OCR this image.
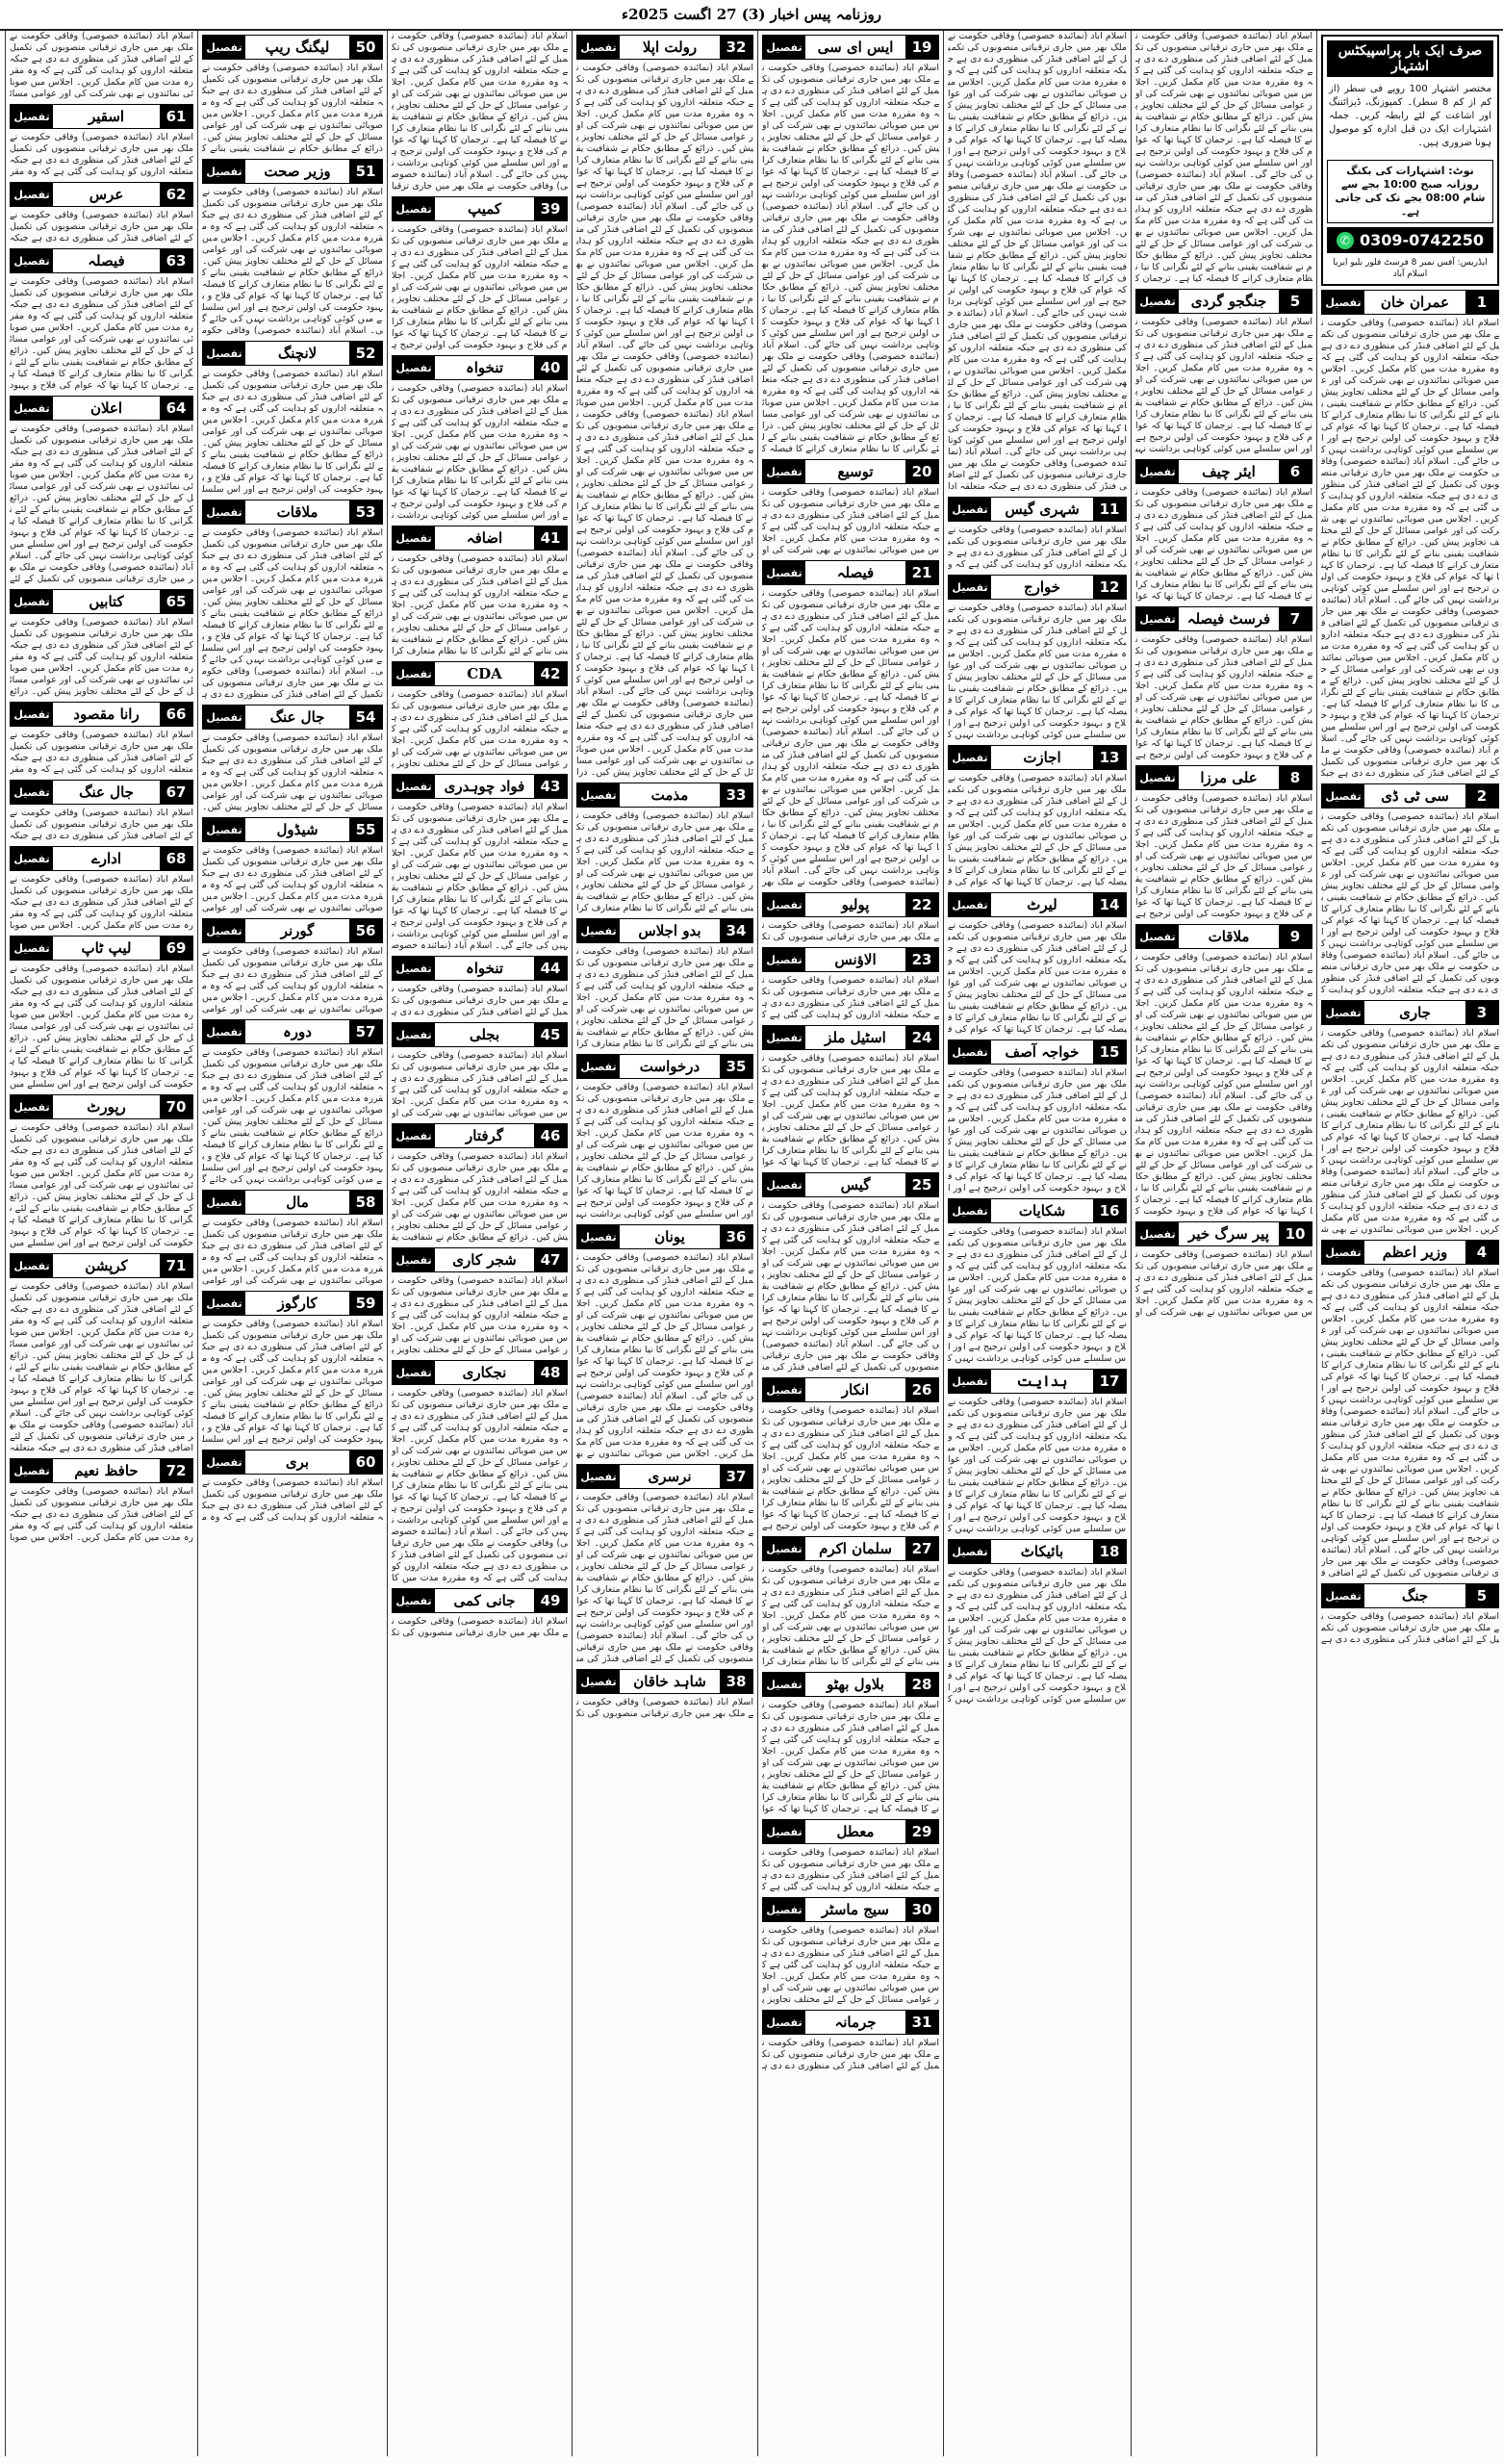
روزنامہ پیس اخبار (3) 27 اگست 2025ء
صرف ایک بار پراسپیکٹس اشتہار
مختصر اشتہار 100 روپے فی سطر (از کم از کم 8 سطر)۔ کمپوزنگ، ڈیزائننگ اور اشاعت کے لئے رابطہ کریں۔ جملہ اشتہارات ایک دن قبل ادارہ کو موصول ہونا ضروری ہیں۔
نوٹ: اشتہارات کی بکنگ روزانہ صبح 10:00 بجے سے شام 08:00 بجے تک کی جاتی ہے۔
✆ 0309-0742250
ایڈریس: آفس نمبر 8 فرسٹ فلور بلیو ایریا اسلام آباد
1
عمران خان
تفصیل
اسلام آباد (نمائندہ خصوصی) وفاقی حکومت نے ملک بھر میں جاری ترقیاتی منصوبوں کی تکمیل کے لئے اضافی فنڈز کی منظوری دے دی ہے جبکہ متعلقہ اداروں کو ہدایت کی گئی ہے کہ وہ مقررہ مدت میں کام مکمل کریں۔ اجلاس میں صوبائی نمائندوں نے بھی شرکت کی اور عوامی مسائل کے حل کے لئے مختلف تجاویز پیش کیں۔ ذرائع کے مطابق حکام نے شفافیت یقینی بنانے کے لئے نگرانی کا نیا نظام متعارف کرانے کا فیصلہ کیا ہے۔ ترجمان کا کہنا تھا کہ عوام کی فلاح و بہبود حکومت کی اولین ترجیح ہے اور اس سلسلے میں کوئی کوتاہی برداشت نہیں کی جائے گی۔ اسلام آباد (نمائندہ خصوصی) وفاقی حکومت نے ملک بھر میں جاری ترقیاتی منصوبوں کی تکمیل کے لئے اضافی فنڈز کی منظوری دے دی ہے جبکہ متعلقہ اداروں کو ہدایت کی گئی ہے کہ وہ مقررہ مدت میں کام مکمل کریں۔ اجلاس میں صوبائی نمائندوں نے بھی شرکت کی اور عوامی مسائل کے حل کے لئے مختلف تجاویز پیش کیں۔ ذرائع کے مطابق حکام نے شفافیت یقینی بنانے کے لئے نگرانی کا نیا نظام متعارف کرانے کا فیصلہ کیا ہے۔ ترجمان کا کہنا تھا کہ عوام کی فلاح و بہبود حکومت کی اولین ترجیح ہے اور اس سلسلے میں کوئی کوتاہی برداشت نہیں کی جائے گی۔ اسلام آباد (نمائندہ خصوصی) وفاقی حکومت نے ملک بھر میں جاری ترقیاتی منصوبوں کی تکمیل کے لئے اضافی فنڈز کی منظوری دے دی ہے جبکہ متعلقہ اداروں کو ہدایت کی گئی ہے کہ وہ مقررہ مدت میں کام مکمل کریں۔ اجلاس میں صوبائی نمائندوں نے بھی شرکت کی اور عوامی مسائل کے حل کے لئے مختلف تجاویز پیش کیں۔ ذرائع کے مطابق حکام نے شفافیت یقینی بنانے کے لئے نگرانی کا نیا نظام متعارف کرانے کا فیصلہ کیا ہے۔ ترجمان کا کہنا تھا کہ عوام کی فلاح و بہبود حکومت کی اولین ترجیح ہے اور اس سلسلے میں کوئی کوتاہی برداشت نہیں کی جائے گی۔ اسلام آباد (نمائندہ خصوصی) وفاقی حکومت نے ملک بھر میں جاری ترقیاتی منصوبوں کی تکمیل کے لئے اضافی فنڈز کی منظوری دے دی ہے جبک
2
سی ٹی ڈی
تفصیل
اسلام آباد (نمائندہ خصوصی) وفاقی حکومت نے ملک بھر میں جاری ترقیاتی منصوبوں کی تکمیل کے لئے اضافی فنڈز کی منظوری دے دی ہے جبکہ متعلقہ اداروں کو ہدایت کی گئی ہے کہ وہ مقررہ مدت میں کام مکمل کریں۔ اجلاس میں صوبائی نمائندوں نے بھی شرکت کی اور عوامی مسائل کے حل کے لئے مختلف تجاویز پیش کیں۔ ذرائع کے مطابق حکام نے شفافیت یقینی بنانے کے لئے نگرانی کا نیا نظام متعارف کرانے کا فیصلہ کیا ہے۔ ترجمان کا کہنا تھا کہ عوام کی فلاح و بہبود حکومت کی اولین ترجیح ہے اور اس سلسلے میں کوئی کوتاہی برداشت نہیں کی جائے گی۔ اسلام آباد (نمائندہ خصوصی) وفاقی حکومت نے ملک بھر میں جاری ترقیاتی منصوبوں کی تکمیل کے لئے اضافی فنڈز کی منظوری دے دی ہے جبکہ متعلقہ اداروں کو ہدایت ک
3
جاری
تفصیل
اسلام آباد (نمائندہ خصوصی) وفاقی حکومت نے ملک بھر میں جاری ترقیاتی منصوبوں کی تکمیل کے لئے اضافی فنڈز کی منظوری دے دی ہے جبکہ متعلقہ اداروں کو ہدایت کی گئی ہے کہ وہ مقررہ مدت میں کام مکمل کریں۔ اجلاس میں صوبائی نمائندوں نے بھی شرکت کی اور عوامی مسائل کے حل کے لئے مختلف تجاویز پیش کیں۔ ذرائع کے مطابق حکام نے شفافیت یقینی بنانے کے لئے نگرانی کا نیا نظام متعارف کرانے کا فیصلہ کیا ہے۔ ترجمان کا کہنا تھا کہ عوام کی فلاح و بہبود حکومت کی اولین ترجیح ہے اور اس سلسلے میں کوئی کوتاہی برداشت نہیں کی جائے گی۔ اسلام آباد (نمائندہ خصوصی) وفاقی حکومت نے ملک بھر میں جاری ترقیاتی منصوبوں کی تکمیل کے لئے اضافی فنڈز کی منظوری دے دی ہے جبکہ متعلقہ اداروں کو ہدایت کی گئی ہے کہ وہ مقررہ مدت میں کام مکمل کریں۔ اجلاس میں صوبائی نمائندوں نے بھی ش
4
وزیر اعظم
تفصیل
اسلام آباد (نمائندہ خصوصی) وفاقی حکومت نے ملک بھر میں جاری ترقیاتی منصوبوں کی تکمیل کے لئے اضافی فنڈز کی منظوری دے دی ہے جبکہ متعلقہ اداروں کو ہدایت کی گئی ہے کہ وہ مقررہ مدت میں کام مکمل کریں۔ اجلاس میں صوبائی نمائندوں نے بھی شرکت کی اور عوامی مسائل کے حل کے لئے مختلف تجاویز پیش کیں۔ ذرائع کے مطابق حکام نے شفافیت یقینی بنانے کے لئے نگرانی کا نیا نظام متعارف کرانے کا فیصلہ کیا ہے۔ ترجمان کا کہنا تھا کہ عوام کی فلاح و بہبود حکومت کی اولین ترجیح ہے اور اس سلسلے میں کوئی کوتاہی برداشت نہیں کی جائے گی۔ اسلام آباد (نمائندہ خصوصی) وفاقی حکومت نے ملک بھر میں جاری ترقیاتی منصوبوں کی تکمیل کے لئے اضافی فنڈز کی منظوری دے دی ہے جبکہ متعلقہ اداروں کو ہدایت کی گئی ہے کہ وہ مقررہ مدت میں کام مکمل کریں۔ اجلاس میں صوبائی نمائندوں نے بھی شرکت کی اور عوامی مسائل کے حل کے لئے مختلف تجاویز پیش کیں۔ ذرائع کے مطابق حکام نے شفافیت یقینی بنانے کے لئے نگرانی کا نیا نظام متعارف کرانے کا فیصلہ کیا ہے۔ ترجمان کا کہنا تھا کہ عوام کی فلاح و بہبود حکومت کی اولین ترجیح ہے اور اس سلسلے میں کوئی کوتاہی برداشت نہیں کی جائے گی۔ اسلام آباد (نمائندہ خصوصی) وفاقی حکومت نے ملک بھر میں جاری ترقیاتی منصوبوں کی تکمیل کے لئے اضافی ف
5
جنگ
تفصیل
اسلام آباد (نمائندہ خصوصی) وفاقی حکومت نے ملک بھر میں جاری ترقیاتی منصوبوں کی تکمیل کے لئے اضافی فنڈز کی منظوری دے دی ہے
اسلام آباد (نمائندہ خصوصی) وفاقی حکومت نے ملک بھر میں جاری ترقیاتی منصوبوں کی تکمیل کے لئے اضافی فنڈز کی منظوری دے دی ہے جبکہ متعلقہ اداروں کو ہدایت کی گئی ہے کہ وہ مقررہ مدت میں کام مکمل کریں۔ اجلاس میں صوبائی نمائندوں نے بھی شرکت کی اور عوامی مسائل کے حل کے لئے مختلف تجاویز پیش کیں۔ ذرائع کے مطابق حکام نے شفافیت یقینی بنانے کے لئے نگرانی کا نیا نظام متعارف کرانے کا فیصلہ کیا ہے۔ ترجمان کا کہنا تھا کہ عوام کی فلاح و بہبود حکومت کی اولین ترجیح ہے اور اس سلسلے میں کوئی کوتاہی برداشت نہیں کی جائے گی۔ اسلام آباد (نمائندہ خصوصی) وفاقی حکومت نے ملک بھر میں جاری ترقیاتی منصوبوں کی تکمیل کے لئے اضافی فنڈز کی منظوری دے دی ہے جبکہ متعلقہ اداروں کو ہدایت کی گئی ہے کہ وہ مقررہ مدت میں کام مکمل کریں۔ اجلاس میں صوبائی نمائندوں نے بھی شرکت کی اور عوامی مسائل کے حل کے لئے مختلف تجاویز پیش کیں۔ ذرائع کے مطابق حکام نے شفافیت یقینی بنانے کے لئے نگرانی کا نیا نظام متعارف کرانے کا فیصلہ کیا ہے۔ ترجمان ک
5
جنگجو گردی
تفصیل
اسلام آباد (نمائندہ خصوصی) وفاقی حکومت نے ملک بھر میں جاری ترقیاتی منصوبوں کی تکمیل کے لئے اضافی فنڈز کی منظوری دے دی ہے جبکہ متعلقہ اداروں کو ہدایت کی گئی ہے کہ وہ مقررہ مدت میں کام مکمل کریں۔ اجلاس میں صوبائی نمائندوں نے بھی شرکت کی اور عوامی مسائل کے حل کے لئے مختلف تجاویز پیش کیں۔ ذرائع کے مطابق حکام نے شفافیت یقینی بنانے کے لئے نگرانی کا نیا نظام متعارف کرانے کا فیصلہ کیا ہے۔ ترجمان کا کہنا تھا کہ عوام کی فلاح و بہبود حکومت کی اولین ترجیح ہے اور اس سلسلے میں کوئی کوتاہی برداشت نہی
6
ایئر چیف
تفصیل
اسلام آباد (نمائندہ خصوصی) وفاقی حکومت نے ملک بھر میں جاری ترقیاتی منصوبوں کی تکمیل کے لئے اضافی فنڈز کی منظوری دے دی ہے جبکہ متعلقہ اداروں کو ہدایت کی گئی ہے کہ وہ مقررہ مدت میں کام مکمل کریں۔ اجلاس میں صوبائی نمائندوں نے بھی شرکت کی اور عوامی مسائل کے حل کے لئے مختلف تجاویز پیش کیں۔ ذرائع کے مطابق حکام نے شفافیت یقینی بنانے کے لئے نگرانی کا نیا نظام متعارف کرانے کا فیصلہ کیا ہے۔ ترجمان کا کہنا تھا کہ عوا
7
فرسٹ فیصلہ
تفصیل
اسلام آباد (نمائندہ خصوصی) وفاقی حکومت نے ملک بھر میں جاری ترقیاتی منصوبوں کی تکمیل کے لئے اضافی فنڈز کی منظوری دے دی ہے جبکہ متعلقہ اداروں کو ہدایت کی گئی ہے کہ وہ مقررہ مدت میں کام مکمل کریں۔ اجلاس میں صوبائی نمائندوں نے بھی شرکت کی اور عوامی مسائل کے حل کے لئے مختلف تجاویز پیش کیں۔ ذرائع کے مطابق حکام نے شفافیت یقینی بنانے کے لئے نگرانی کا نیا نظام متعارف کرانے کا فیصلہ کیا ہے۔ ترجمان کا کہنا تھا کہ عوام کی فلاح و بہبود حکومت کی اولین ترجیح ہے
8
علی مرزا
تفصیل
اسلام آباد (نمائندہ خصوصی) وفاقی حکومت نے ملک بھر میں جاری ترقیاتی منصوبوں کی تکمیل کے لئے اضافی فنڈز کی منظوری دے دی ہے جبکہ متعلقہ اداروں کو ہدایت کی گئی ہے کہ وہ مقررہ مدت میں کام مکمل کریں۔ اجلاس میں صوبائی نمائندوں نے بھی شرکت کی اور عوامی مسائل کے حل کے لئے مختلف تجاویز پیش کیں۔ ذرائع کے مطابق حکام نے شفافیت یقینی بنانے کے لئے نگرانی کا نیا نظام متعارف کرانے کا فیصلہ کیا ہے۔ ترجمان کا کہنا تھا کہ عوام کی فلاح و بہبود حکومت کی اولین ترجیح ہے
9
ملاقات
تفصیل
اسلام آباد (نمائندہ خصوصی) وفاقی حکومت نے ملک بھر میں جاری ترقیاتی منصوبوں کی تکمیل کے لئے اضافی فنڈز کی منظوری دے دی ہے جبکہ متعلقہ اداروں کو ہدایت کی گئی ہے کہ وہ مقررہ مدت میں کام مکمل کریں۔ اجلاس میں صوبائی نمائندوں نے بھی شرکت کی اور عوامی مسائل کے حل کے لئے مختلف تجاویز پیش کیں۔ ذرائع کے مطابق حکام نے شفافیت یقینی بنانے کے لئے نگرانی کا نیا نظام متعارف کرانے کا فیصلہ کیا ہے۔ ترجمان کا کہنا تھا کہ عوام کی فلاح و بہبود حکومت کی اولین ترجیح ہے اور اس سلسلے میں کوئی کوتاہی برداشت نہیں کی جائے گی۔ اسلام آباد (نمائندہ خصوصی) وفاقی حکومت نے ملک بھر میں جاری ترقیاتی منصوبوں کی تکمیل کے لئے اضافی فنڈز کی منظوری دے دی ہے جبکہ متعلقہ اداروں کو ہدایت کی گئی ہے کہ وہ مقررہ مدت میں کام مکمل کریں۔ اجلاس میں صوبائی نمائندوں نے بھی شرکت کی اور عوامی مسائل کے حل کے لئے مختلف تجاویز پیش کیں۔ ذرائع کے مطابق حکام نے شفافیت یقینی بنانے کے لئے نگرانی کا نیا نظام متعارف کرانے کا فیصلہ کیا ہے۔ ترجمان کا کہنا تھا کہ عوام کی فلاح و بہبود حکومت ک
10
پیر سرگ خیر
تفصیل
اسلام آباد (نمائندہ خصوصی) وفاقی حکومت نے ملک بھر میں جاری ترقیاتی منصوبوں کی تکمیل کے لئے اضافی فنڈز کی منظوری دے دی ہے جبکہ متعلقہ اداروں کو ہدایت کی گئی ہے کہ وہ مقررہ مدت میں کام مکمل کریں۔ اجلاس میں صوبائی نمائندوں نے بھی شرکت کی او
اسلام آباد (نمائندہ خصوصی) وفاقی حکومت نے ملک بھر میں جاری ترقیاتی منصوبوں کی تکمیل کے لئے اضافی فنڈز کی منظوری دے دی ہے جبکہ متعلقہ اداروں کو ہدایت کی گئی ہے کہ وہ مقررہ مدت میں کام مکمل کریں۔ اجلاس میں صوبائی نمائندوں نے بھی شرکت کی اور عوامی مسائل کے حل کے لئے مختلف تجاویز پیش کیں۔ ذرائع کے مطابق حکام نے شفافیت یقینی بنانے کے لئے نگرانی کا نیا نظام متعارف کرانے کا فیصلہ کیا ہے۔ ترجمان کا کہنا تھا کہ عوام کی فلاح و بہبود حکومت کی اولین ترجیح ہے اور اس سلسلے میں کوئی کوتاہی برداشت نہیں کی جائے گی۔ اسلام آباد (نمائندہ خصوصی) وفاقی حکومت نے ملک بھر میں جاری ترقیاتی منصوبوں کی تکمیل کے لئے اضافی فنڈز کی منظوری دے دی ہے جبکہ متعلقہ اداروں کو ہدایت کی گئی ہے کہ وہ مقررہ مدت میں کام مکمل کریں۔ اجلاس میں صوبائی نمائندوں نے بھی شرکت کی اور عوامی مسائل کے حل کے لئے مختلف تجاویز پیش کیں۔ ذرائع کے مطابق حکام نے شفافیت یقینی بنانے کے لئے نگرانی کا نیا نظام متعارف کرانے کا فیصلہ کیا ہے۔ ترجمان کا کہنا تھا کہ عوام کی فلاح و بہبود حکومت کی اولین ترجیح ہے اور اس سلسلے میں کوئی کوتاہی برداشت نہیں کی جائے گی۔ اسلام آباد (نمائندہ خصوصی) وفاقی حکومت نے ملک بھر میں جاری ترقیاتی منصوبوں کی تکمیل کے لئے اضافی فنڈز کی منظوری دے دی ہے جبکہ متعلقہ اداروں کو ہدایت کی گئی ہے کہ وہ مقررہ مدت میں کام مکمل کریں۔ اجلاس میں صوبائی نمائندوں نے بھی شرکت کی اور عوامی مسائل کے حل کے لئے مختلف تجاویز پیش کیں۔ ذرائع کے مطابق حکام نے شفافیت یقینی بنانے کے لئے نگرانی کا نیا نظام متعارف کرانے کا فیصلہ کیا ہے۔ ترجمان کا کہنا تھا کہ عوام کی فلاح و بہبود حکومت کی اولین ترجیح ہے اور اس سلسلے میں کوئی کوتاہی برداشت نہیں کی جائے گی۔ اسلام آباد (نمائندہ خصوصی) وفاقی حکومت نے ملک بھر میں جاری ترقیاتی منصوبوں کی تکمیل کے لئے اضافی فنڈز کی منظوری دے دی ہے جبکہ متعلقہ ادا
11
شہری گیس
تفصیل
اسلام آباد (نمائندہ خصوصی) وفاقی حکومت نے ملک بھر میں جاری ترقیاتی منصوبوں کی تکمیل کے لئے اضافی فنڈز کی منظوری دے دی ہے جبکہ متعلقہ اداروں کو ہدایت کی گئی ہے کہ و
12
خوارج
تفصیل
اسلام آباد (نمائندہ خصوصی) وفاقی حکومت نے ملک بھر میں جاری ترقیاتی منصوبوں کی تکمیل کے لئے اضافی فنڈز کی منظوری دے دی ہے جبکہ متعلقہ اداروں کو ہدایت کی گئی ہے کہ وہ مقررہ مدت میں کام مکمل کریں۔ اجلاس میں صوبائی نمائندوں نے بھی شرکت کی اور عوامی مسائل کے حل کے لئے مختلف تجاویز پیش کیں۔ ذرائع کے مطابق حکام نے شفافیت یقینی بنانے کے لئے نگرانی کا نیا نظام متعارف کرانے کا فیصلہ کیا ہے۔ ترجمان کا کہنا تھا کہ عوام کی فلاح و بہبود حکومت کی اولین ترجیح ہے اور اس سلسلے میں کوئی کوتاہی برداشت نہیں ک
13
اجازت
تفصیل
اسلام آباد (نمائندہ خصوصی) وفاقی حکومت نے ملک بھر میں جاری ترقیاتی منصوبوں کی تکمیل کے لئے اضافی فنڈز کی منظوری دے دی ہے جبکہ متعلقہ اداروں کو ہدایت کی گئی ہے کہ وہ مقررہ مدت میں کام مکمل کریں۔ اجلاس میں صوبائی نمائندوں نے بھی شرکت کی اور عوامی مسائل کے حل کے لئے مختلف تجاویز پیش کیں۔ ذرائع کے مطابق حکام نے شفافیت یقینی بنانے کے لئے نگرانی کا نیا نظام متعارف کرانے کا فیصلہ کیا ہے۔ ترجمان کا کہنا تھا کہ عوام کی ف
14
لیرٹ
تفصیل
اسلام آباد (نمائندہ خصوصی) وفاقی حکومت نے ملک بھر میں جاری ترقیاتی منصوبوں کی تکمیل کے لئے اضافی فنڈز کی منظوری دے دی ہے جبکہ متعلقہ اداروں کو ہدایت کی گئی ہے کہ وہ مقررہ مدت میں کام مکمل کریں۔ اجلاس میں صوبائی نمائندوں نے بھی شرکت کی اور عوامی مسائل کے حل کے لئے مختلف تجاویز پیش کیں۔ ذرائع کے مطابق حکام نے شفافیت یقینی بنانے کے لئے نگرانی کا نیا نظام متعارف کرانے کا فیصلہ کیا ہے۔ ترجمان کا کہنا تھا کہ عوام کی ف
15
خواجہ آصف
تفصیل
اسلام آباد (نمائندہ خصوصی) وفاقی حکومت نے ملک بھر میں جاری ترقیاتی منصوبوں کی تکمیل کے لئے اضافی فنڈز کی منظوری دے دی ہے جبکہ متعلقہ اداروں کو ہدایت کی گئی ہے کہ وہ مقررہ مدت میں کام مکمل کریں۔ اجلاس میں صوبائی نمائندوں نے بھی شرکت کی اور عوامی مسائل کے حل کے لئے مختلف تجاویز پیش کیں۔ ذرائع کے مطابق حکام نے شفافیت یقینی بنانے کے لئے نگرانی کا نیا نظام متعارف کرانے کا فیصلہ کیا ہے۔ ترجمان کا کہنا تھا کہ عوام کی فلاح و بہبود حکومت کی اولین ترجیح ہے اور ا
16
شکایات
تفصیل
اسلام آباد (نمائندہ خصوصی) وفاقی حکومت نے ملک بھر میں جاری ترقیاتی منصوبوں کی تکمیل کے لئے اضافی فنڈز کی منظوری دے دی ہے جبکہ متعلقہ اداروں کو ہدایت کی گئی ہے کہ وہ مقررہ مدت میں کام مکمل کریں۔ اجلاس میں صوبائی نمائندوں نے بھی شرکت کی اور عوامی مسائل کے حل کے لئے مختلف تجاویز پیش کیں۔ ذرائع کے مطابق حکام نے شفافیت یقینی بنانے کے لئے نگرانی کا نیا نظام متعارف کرانے کا فیصلہ کیا ہے۔ ترجمان کا کہنا تھا کہ عوام کی فلاح و بہبود حکومت کی اولین ترجیح ہے اور اس سلسلے میں کوئی کوتاہی برداشت نہیں ک
17
ہدایت
تفصیل
اسلام آباد (نمائندہ خصوصی) وفاقی حکومت نے ملک بھر میں جاری ترقیاتی منصوبوں کی تکمیل کے لئے اضافی فنڈز کی منظوری دے دی ہے جبکہ متعلقہ اداروں کو ہدایت کی گئی ہے کہ وہ مقررہ مدت میں کام مکمل کریں۔ اجلاس میں صوبائی نمائندوں نے بھی شرکت کی اور عوامی مسائل کے حل کے لئے مختلف تجاویز پیش کیں۔ ذرائع کے مطابق حکام نے شفافیت یقینی بنانے کے لئے نگرانی کا نیا نظام متعارف کرانے کا فیصلہ کیا ہے۔ ترجمان کا کہنا تھا کہ عوام کی فلاح و بہبود حکومت کی اولین ترجیح ہے اور اس سلسلے میں کوئی کوتاہی برداشت نہیں ک
18
بائیکاٹ
تفصیل
اسلام آباد (نمائندہ خصوصی) وفاقی حکومت نے ملک بھر میں جاری ترقیاتی منصوبوں کی تکمیل کے لئے اضافی فنڈز کی منظوری دے دی ہے جبکہ متعلقہ اداروں کو ہدایت کی گئی ہے کہ وہ مقررہ مدت میں کام مکمل کریں۔ اجلاس میں صوبائی نمائندوں نے بھی شرکت کی اور عوامی مسائل کے حل کے لئے مختلف تجاویز پیش کیں۔ ذرائع کے مطابق حکام نے شفافیت یقینی بنانے کے لئے نگرانی کا نیا نظام متعارف کرانے کا فیصلہ کیا ہے۔ ترجمان کا کہنا تھا کہ عوام کی فلاح و بہبود حکومت کی اولین ترجیح ہے اور اس سلسلے میں کوئی کوتاہی برداشت نہیں ک
19
ایس ای سی
تفصیل
اسلام آباد (نمائندہ خصوصی) وفاقی حکومت نے ملک بھر میں جاری ترقیاتی منصوبوں کی تکمیل کے لئے اضافی فنڈز کی منظوری دے دی ہے جبکہ متعلقہ اداروں کو ہدایت کی گئی ہے کہ وہ مقررہ مدت میں کام مکمل کریں۔ اجلاس میں صوبائی نمائندوں نے بھی شرکت کی اور عوامی مسائل کے حل کے لئے مختلف تجاویز پیش کیں۔ ذرائع کے مطابق حکام نے شفافیت یقینی بنانے کے لئے نگرانی کا نیا نظام متعارف کرانے کا فیصلہ کیا ہے۔ ترجمان کا کہنا تھا کہ عوام کی فلاح و بہبود حکومت کی اولین ترجیح ہے اور اس سلسلے میں کوئی کوتاہی برداشت نہیں کی جائے گی۔ اسلام آباد (نمائندہ خصوصی) وفاقی حکومت نے ملک بھر میں جاری ترقیاتی منصوبوں کی تکمیل کے لئے اضافی فنڈز کی منظوری دے دی ہے جبکہ متعلقہ اداروں کو ہدایت کی گئی ہے کہ وہ مقررہ مدت میں کام مکمل کریں۔ اجلاس میں صوبائی نمائندوں نے بھی شرکت کی اور عوامی مسائل کے حل کے لئے مختلف تجاویز پیش کیں۔ ذرائع کے مطابق حکام نے شفافیت یقینی بنانے کے لئے نگرانی کا نیا نظام متعارف کرانے کا فیصلہ کیا ہے۔ ترجمان کا کہنا تھا کہ عوام کی فلاح و بہبود حکومت کی اولین ترجیح ہے اور اس سلسلے میں کوئی کوتاہی برداشت نہیں کی جائے گی۔ اسلام آباد (نمائندہ خصوصی) وفاقی حکومت نے ملک بھر میں جاری ترقیاتی منصوبوں کی تکمیل کے لئے اضافی فنڈز کی منظوری دے دی ہے جبکہ متعلقہ اداروں کو ہدایت کی گئی ہے کہ وہ مقررہ مدت میں کام مکمل کریں۔ اجلاس میں صوبائی نمائندوں نے بھی شرکت کی اور عوامی مسائل کے حل کے لئے مختلف تجاویز پیش کیں۔ ذرائع کے مطابق حکام نے شفافیت یقینی بنانے کے لئے نگرانی کا نیا نظام متعارف کرانے کا فیصلہ ک
20
توسیع
تفصیل
اسلام آباد (نمائندہ خصوصی) وفاقی حکومت نے ملک بھر میں جاری ترقیاتی منصوبوں کی تکمیل کے لئے اضافی فنڈز کی منظوری دے دی ہے جبکہ متعلقہ اداروں کو ہدایت کی گئی ہے کہ وہ مقررہ مدت میں کام مکمل کریں۔ اجلاس میں صوبائی نمائندوں نے بھی شرکت کی او
21
فیصلہ
تفصیل
اسلام آباد (نمائندہ خصوصی) وفاقی حکومت نے ملک بھر میں جاری ترقیاتی منصوبوں کی تکمیل کے لئے اضافی فنڈز کی منظوری دے دی ہے جبکہ متعلقہ اداروں کو ہدایت کی گئی ہے کہ وہ مقررہ مدت میں کام مکمل کریں۔ اجلاس میں صوبائی نمائندوں نے بھی شرکت کی اور عوامی مسائل کے حل کے لئے مختلف تجاویز پیش کیں۔ ذرائع کے مطابق حکام نے شفافیت یقینی بنانے کے لئے نگرانی کا نیا نظام متعارف کرانے کا فیصلہ کیا ہے۔ ترجمان کا کہنا تھا کہ عوام کی فلاح و بہبود حکومت کی اولین ترجیح ہے اور اس سلسلے میں کوئی کوتاہی برداشت نہیں کی جائے گی۔ اسلام آباد (نمائندہ خصوصی) وفاقی حکومت نے ملک بھر میں جاری ترقیاتی منصوبوں کی تکمیل کے لئے اضافی فنڈز کی منظوری دے دی ہے جبکہ متعلقہ اداروں کو ہدایت کی گئی ہے کہ وہ مقررہ مدت میں کام مکمل کریں۔ اجلاس میں صوبائی نمائندوں نے بھی شرکت کی اور عوامی مسائل کے حل کے لئے مختلف تجاویز پیش کیں۔ ذرائع کے مطابق حکام نے شفافیت یقینی بنانے کے لئے نگرانی کا نیا نظام متعارف کرانے کا فیصلہ کیا ہے۔ ترجمان کا کہنا تھا کہ عوام کی فلاح و بہبود حکومت کی اولین ترجیح ہے اور اس سلسلے میں کوئی کوتاہی برداشت نہیں کی جائے گی۔ اسلام آباد (نمائندہ خصوصی) وفاقی حکومت نے ملک بھر
22
پولیو
تفصیل
اسلام آباد (نمائندہ خصوصی) وفاقی حکومت نے ملک بھر میں جاری ترقیاتی منصوبوں کی تک
23
الاؤنس
تفصیل
اسلام آباد (نمائندہ خصوصی) وفاقی حکومت نے ملک بھر میں جاری ترقیاتی منصوبوں کی تکمیل کے لئے اضافی فنڈز کی منظوری دے دی ہے جبکہ متعلقہ اداروں کو ہدایت کی گئی ہے ک
24
اسٹیل ملز
تفصیل
اسلام آباد (نمائندہ خصوصی) وفاقی حکومت نے ملک بھر میں جاری ترقیاتی منصوبوں کی تکمیل کے لئے اضافی فنڈز کی منظوری دے دی ہے جبکہ متعلقہ اداروں کو ہدایت کی گئی ہے کہ وہ مقررہ مدت میں کام مکمل کریں۔ اجلاس میں صوبائی نمائندوں نے بھی شرکت کی اور عوامی مسائل کے حل کے لئے مختلف تجاویز پیش کیں۔ ذرائع کے مطابق حکام نے شفافیت یقینی بنانے کے لئے نگرانی کا نیا نظام متعارف کرانے کا فیصلہ کیا ہے۔ ترجمان کا کہنا تھا کہ عوا
25
گیس
تفصیل
اسلام آباد (نمائندہ خصوصی) وفاقی حکومت نے ملک بھر میں جاری ترقیاتی منصوبوں کی تکمیل کے لئے اضافی فنڈز کی منظوری دے دی ہے جبکہ متعلقہ اداروں کو ہدایت کی گئی ہے کہ وہ مقررہ مدت میں کام مکمل کریں۔ اجلاس میں صوبائی نمائندوں نے بھی شرکت کی اور عوامی مسائل کے حل کے لئے مختلف تجاویز پیش کیں۔ ذرائع کے مطابق حکام نے شفافیت یقینی بنانے کے لئے نگرانی کا نیا نظام متعارف کرانے کا فیصلہ کیا ہے۔ ترجمان کا کہنا تھا کہ عوام کی فلاح و بہبود حکومت کی اولین ترجیح ہے اور اس سلسلے میں کوئی کوتاہی برداشت نہیں کی جائے گی۔ اسلام آباد (نمائندہ خصوصی) وفاقی حکومت نے ملک بھر میں جاری ترقیاتی منصوبوں کی تکمیل کے لئے اضافی فنڈز کی من
26
انکار
تفصیل
اسلام آباد (نمائندہ خصوصی) وفاقی حکومت نے ملک بھر میں جاری ترقیاتی منصوبوں کی تکمیل کے لئے اضافی فنڈز کی منظوری دے دی ہے جبکہ متعلقہ اداروں کو ہدایت کی گئی ہے کہ وہ مقررہ مدت میں کام مکمل کریں۔ اجلاس میں صوبائی نمائندوں نے بھی شرکت کی اور عوامی مسائل کے حل کے لئے مختلف تجاویز پیش کیں۔ ذرائع کے مطابق حکام نے شفافیت یقینی بنانے کے لئے نگرانی کا نیا نظام متعارف کرانے کا فیصلہ کیا ہے۔ ترجمان کا کہنا تھا کہ عوام کی فلاح و بہبود حکومت کی اولین ترجیح ہے
27
سلمان اکرم
تفصیل
اسلام آباد (نمائندہ خصوصی) وفاقی حکومت نے ملک بھر میں جاری ترقیاتی منصوبوں کی تکمیل کے لئے اضافی فنڈز کی منظوری دے دی ہے جبکہ متعلقہ اداروں کو ہدایت کی گئی ہے کہ وہ مقررہ مدت میں کام مکمل کریں۔ اجلاس میں صوبائی نمائندوں نے بھی شرکت کی اور عوامی مسائل کے حل کے لئے مختلف تجاویز پیش کیں۔ ذرائع کے مطابق حکام نے شفافیت یقینی بنانے کے لئے نگرانی کا نیا نظام متعارف کرا
28
بلاول بھٹو
تفصیل
اسلام آباد (نمائندہ خصوصی) وفاقی حکومت نے ملک بھر میں جاری ترقیاتی منصوبوں کی تکمیل کے لئے اضافی فنڈز کی منظوری دے دی ہے جبکہ متعلقہ اداروں کو ہدایت کی گئی ہے کہ وہ مقررہ مدت میں کام مکمل کریں۔ اجلاس میں صوبائی نمائندوں نے بھی شرکت کی اور عوامی مسائل کے حل کے لئے مختلف تجاویز پیش کیں۔ ذرائع کے مطابق حکام نے شفافیت یقینی بنانے کے لئے نگرانی کا نیا نظام متعارف کرانے کا فیصلہ کیا ہے۔ ترجمان کا کہنا تھا کہ عوا
29
معطل
تفصیل
اسلام آباد (نمائندہ خصوصی) وفاقی حکومت نے ملک بھر میں جاری ترقیاتی منصوبوں کی تکمیل کے لئے اضافی فنڈز کی منظوری دے دی ہے جبکہ متعلقہ اداروں کو ہدایت کی گئی ہے ک
30
سیج ماسٹر
تفصیل
اسلام آباد (نمائندہ خصوصی) وفاقی حکومت نے ملک بھر میں جاری ترقیاتی منصوبوں کی تکمیل کے لئے اضافی فنڈز کی منظوری دے دی ہے جبکہ متعلقہ اداروں کو ہدایت کی گئی ہے کہ وہ مقررہ مدت میں کام مکمل کریں۔ اجلاس میں صوبائی نمائندوں نے بھی شرکت کی اور عوامی مسائل کے حل کے لئے مختلف تجاویز پ
31
جرمانہ
تفصیل
اسلام آباد (نمائندہ خصوصی) وفاقی حکومت نے ملک بھر میں جاری ترقیاتی منصوبوں کی تکمیل کے لئے اضافی فنڈز کی منظوری دے دی ہ
32
رولت اپلا
تفصیل
اسلام آباد (نمائندہ خصوصی) وفاقی حکومت نے ملک بھر میں جاری ترقیاتی منصوبوں کی تکمیل کے لئے اضافی فنڈز کی منظوری دے دی ہے جبکہ متعلقہ اداروں کو ہدایت کی گئی ہے کہ وہ مقررہ مدت میں کام مکمل کریں۔ اجلاس میں صوبائی نمائندوں نے بھی شرکت کی اور عوامی مسائل کے حل کے لئے مختلف تجاویز پیش کیں۔ ذرائع کے مطابق حکام نے شفافیت یقینی بنانے کے لئے نگرانی کا نیا نظام متعارف کرانے کا فیصلہ کیا ہے۔ ترجمان کا کہنا تھا کہ عوام کی فلاح و بہبود حکومت کی اولین ترجیح ہے اور اس سلسلے میں کوئی کوتاہی برداشت نہیں کی جائے گی۔ اسلام آباد (نمائندہ خصوصی) وفاقی حکومت نے ملک بھر میں جاری ترقیاتی منصوبوں کی تکمیل کے لئے اضافی فنڈز کی منظوری دے دی ہے جبکہ متعلقہ اداروں کو ہدایت کی گئی ہے کہ وہ مقررہ مدت میں کام مکمل کریں۔ اجلاس میں صوبائی نمائندوں نے بھی شرکت کی اور عوامی مسائل کے حل کے لئے مختلف تجاویز پیش کیں۔ ذرائع کے مطابق حکام نے شفافیت یقینی بنانے کے لئے نگرانی کا نیا نظام متعارف کرانے کا فیصلہ کیا ہے۔ ترجمان کا کہنا تھا کہ عوام کی فلاح و بہبود حکومت کی اولین ترجیح ہے اور اس سلسلے میں کوئی کوتاہی برداشت نہیں کی جائے گی۔ اسلام آباد (نمائندہ خصوصی) وفاقی حکومت نے ملک بھر میں جاری ترقیاتی منصوبوں کی تکمیل کے لئے اضافی فنڈز کی منظوری دے دی ہے جبکہ متعلقہ اداروں کو ہدایت کی گئی ہے کہ وہ مقررہ مدت میں کام مکمل کریں۔ اجلاس میں صوبائ
اسلام آباد (نمائندہ خصوصی) وفاقی حکومت نے ملک بھر میں جاری ترقیاتی منصوبوں کی تکمیل کے لئے اضافی فنڈز کی منظوری دے دی ہے جبکہ متعلقہ اداروں کو ہدایت کی گئی ہے کہ وہ مقررہ مدت میں کام مکمل کریں۔ اجلاس میں صوبائی نمائندوں نے بھی شرکت کی اور عوامی مسائل کے حل کے لئے مختلف تجاویز پیش کیں۔ ذرائع کے مطابق حکام نے شفافیت یقینی بنانے کے لئے نگرانی کا نیا نظام متعارف کرانے کا فیصلہ کیا ہے۔ ترجمان کا کہنا تھا کہ عوام کی فلاح و بہبود حکومت کی اولین ترجیح ہے اور اس سلسلے میں کوئی کوتاہی برداشت نہیں کی جائے گی۔ اسلام آباد (نمائندہ خصوصی) وفاقی حکومت نے ملک بھر میں جاری ترقیاتی منصوبوں کی تکمیل کے لئے اضافی فنڈز کی منظوری دے دی ہے جبکہ متعلقہ اداروں کو ہدایت کی گئی ہے کہ وہ مقررہ مدت میں کام مکمل کریں۔ اجلاس میں صوبائی نمائندوں نے بھی شرکت کی اور عوامی مسائل کے حل کے لئے مختلف تجاویز پیش کیں۔ ذرائع کے مطابق حکام نے شفافیت یقینی بنانے کے لئے نگرانی کا نیا نظام متعارف کرانے کا فیصلہ کیا ہے۔ ترجمان کا کہنا تھا کہ عوام کی فلاح و بہبود حکومت کی اولین ترجیح ہے اور اس سلسلے میں کوئی کوتاہی برداشت نہیں کی جائے گی۔ اسلام آباد (نمائندہ خصوصی) وفاقی حکومت نے ملک بھر میں جاری ترقیاتی منصوبوں کی تکمیل کے لئے اضافی فنڈز کی منظوری دے دی ہے جبکہ متعلقہ اداروں کو ہدایت کی گئی ہے کہ وہ مقررہ مدت میں کام مکمل کریں۔ اجلاس میں صوبائی نمائندوں نے بھی شرکت کی اور عوامی مسائل کے حل کے لئے مختلف تجاویز پیش کیں۔ ذرا
33
مذمت
تفصیل
اسلام آباد (نمائندہ خصوصی) وفاقی حکومت نے ملک بھر میں جاری ترقیاتی منصوبوں کی تکمیل کے لئے اضافی فنڈز کی منظوری دے دی ہے جبکہ متعلقہ اداروں کو ہدایت کی گئی ہے کہ وہ مقررہ مدت میں کام مکمل کریں۔ اجلاس میں صوبائی نمائندوں نے بھی شرکت کی اور عوامی مسائل کے حل کے لئے مختلف تجاویز پیش کیں۔ ذرائع کے مطابق حکام نے شفافیت یقینی بنانے کے لئے نگرانی کا نیا نظام متعارف کرا
34
بدو اجلاس
تفصیل
اسلام آباد (نمائندہ خصوصی) وفاقی حکومت نے ملک بھر میں جاری ترقیاتی منصوبوں کی تکمیل کے لئے اضافی فنڈز کی منظوری دے دی ہے جبکہ متعلقہ اداروں کو ہدایت کی گئی ہے کہ وہ مقررہ مدت میں کام مکمل کریں۔ اجلاس میں صوبائی نمائندوں نے بھی شرکت کی اور عوامی مسائل کے حل کے لئے مختلف تجاویز پیش کیں۔ ذرائع کے مطابق حکام نے شفافیت یقینی بنانے کے لئے نگرانی کا نیا نظام متعارف کرا
35
درخواست
تفصیل
اسلام آباد (نمائندہ خصوصی) وفاقی حکومت نے ملک بھر میں جاری ترقیاتی منصوبوں کی تکمیل کے لئے اضافی فنڈز کی منظوری دے دی ہے جبکہ متعلقہ اداروں کو ہدایت کی گئی ہے کہ وہ مقررہ مدت میں کام مکمل کریں۔ اجلاس میں صوبائی نمائندوں نے بھی شرکت کی اور عوامی مسائل کے حل کے لئے مختلف تجاویز پیش کیں۔ ذرائع کے مطابق حکام نے شفافیت یقینی بنانے کے لئے نگرانی کا نیا نظام متعارف کرانے کا فیصلہ کیا ہے۔ ترجمان کا کہنا تھا کہ عوام کی فلاح و بہبود حکومت کی اولین ترجیح ہے اور اس سلسلے میں کوئی کوتاہی برداشت نہی
36
یونان
تفصیل
اسلام آباد (نمائندہ خصوصی) وفاقی حکومت نے ملک بھر میں جاری ترقیاتی منصوبوں کی تکمیل کے لئے اضافی فنڈز کی منظوری دے دی ہے جبکہ متعلقہ اداروں کو ہدایت کی گئی ہے کہ وہ مقررہ مدت میں کام مکمل کریں۔ اجلاس میں صوبائی نمائندوں نے بھی شرکت کی اور عوامی مسائل کے حل کے لئے مختلف تجاویز پیش کیں۔ ذرائع کے مطابق حکام نے شفافیت یقینی بنانے کے لئے نگرانی کا نیا نظام متعارف کرانے کا فیصلہ کیا ہے۔ ترجمان کا کہنا تھا کہ عوام کی فلاح و بہبود حکومت کی اولین ترجیح ہے اور اس سلسلے میں کوئی کوتاہی برداشت نہیں کی جائے گی۔ اسلام آباد (نمائندہ خصوصی) وفاقی حکومت نے ملک بھر میں جاری ترقیاتی منصوبوں کی تکمیل کے لئے اضافی فنڈز کی منظوری دے دی ہے جبکہ متعلقہ اداروں کو ہدایت کی گئی ہے کہ وہ مقررہ مدت میں کام مکمل کریں۔ اجلاس میں صوبائی نمائندوں نے بھ
37
نرسری
تفصیل
اسلام آباد (نمائندہ خصوصی) وفاقی حکومت نے ملک بھر میں جاری ترقیاتی منصوبوں کی تکمیل کے لئے اضافی فنڈز کی منظوری دے دی ہے جبکہ متعلقہ اداروں کو ہدایت کی گئی ہے کہ وہ مقررہ مدت میں کام مکمل کریں۔ اجلاس میں صوبائی نمائندوں نے بھی شرکت کی اور عوامی مسائل کے حل کے لئے مختلف تجاویز پیش کیں۔ ذرائع کے مطابق حکام نے شفافیت یقینی بنانے کے لئے نگرانی کا نیا نظام متعارف کرانے کا فیصلہ کیا ہے۔ ترجمان کا کہنا تھا کہ عوام کی فلاح و بہبود حکومت کی اولین ترجیح ہے اور اس سلسلے میں کوئی کوتاہی برداشت نہیں کی جائے گی۔ اسلام آباد (نمائندہ خصوصی) وفاقی حکومت نے ملک بھر میں جاری ترقیاتی منصوبوں کی تکمیل کے لئے اضافی فنڈز کی من
38
شاہد خاقان
تفصیل
اسلام آباد (نمائندہ خصوصی) وفاقی حکومت نے ملک بھر میں جاری ترقیاتی منصوبوں کی تک
اسلام آباد (نمائندہ خصوصی) وفاقی حکومت نے ملک بھر میں جاری ترقیاتی منصوبوں کی تکمیل کے لئے اضافی فنڈز کی منظوری دے دی ہے جبکہ متعلقہ اداروں کو ہدایت کی گئی ہے کہ وہ مقررہ مدت میں کام مکمل کریں۔ اجلاس میں صوبائی نمائندوں نے بھی شرکت کی اور عوامی مسائل کے حل کے لئے مختلف تجاویز پیش کیں۔ ذرائع کے مطابق حکام نے شفافیت یقینی بنانے کے لئے نگرانی کا نیا نظام متعارف کرانے کا فیصلہ کیا ہے۔ ترجمان کا کہنا تھا کہ عوام کی فلاح و بہبود حکومت کی اولین ترجیح ہے اور اس سلسلے میں کوئی کوتاہی برداشت نہیں کی جائے گی۔ اسلام آباد (نمائندہ خصوصی) وفاقی حکومت نے ملک بھر میں جاری ترقیا
39
کمیپ
تفصیل
اسلام آباد (نمائندہ خصوصی) وفاقی حکومت نے ملک بھر میں جاری ترقیاتی منصوبوں کی تکمیل کے لئے اضافی فنڈز کی منظوری دے دی ہے جبکہ متعلقہ اداروں کو ہدایت کی گئی ہے کہ وہ مقررہ مدت میں کام مکمل کریں۔ اجلاس میں صوبائی نمائندوں نے بھی شرکت کی اور عوامی مسائل کے حل کے لئے مختلف تجاویز پیش کیں۔ ذرائع کے مطابق حکام نے شفافیت یقینی بنانے کے لئے نگرانی کا نیا نظام متعارف کرانے کا فیصلہ کیا ہے۔ ترجمان کا کہنا تھا کہ عوام کی فلاح و بہبود حکومت کی اولین ترجیح ہ
40
تنخواہ
تفصیل
اسلام آباد (نمائندہ خصوصی) وفاقی حکومت نے ملک بھر میں جاری ترقیاتی منصوبوں کی تکمیل کے لئے اضافی فنڈز کی منظوری دے دی ہے جبکہ متعلقہ اداروں کو ہدایت کی گئی ہے کہ وہ مقررہ مدت میں کام مکمل کریں۔ اجلاس میں صوبائی نمائندوں نے بھی شرکت کی اور عوامی مسائل کے حل کے لئے مختلف تجاویز پیش کیں۔ ذرائع کے مطابق حکام نے شفافیت یقینی بنانے کے لئے نگرانی کا نیا نظام متعارف کرانے کا فیصلہ کیا ہے۔ ترجمان کا کہنا تھا کہ عوام کی فلاح و بہبود حکومت کی اولین ترجیح ہے اور اس سلسلے میں کوئی کوتاہی برداشت ن
41
اضافہ
تفصیل
اسلام آباد (نمائندہ خصوصی) وفاقی حکومت نے ملک بھر میں جاری ترقیاتی منصوبوں کی تکمیل کے لئے اضافی فنڈز کی منظوری دے دی ہے جبکہ متعلقہ اداروں کو ہدایت کی گئی ہے کہ وہ مقررہ مدت میں کام مکمل کریں۔ اجلاس میں صوبائی نمائندوں نے بھی شرکت کی اور عوامی مسائل کے حل کے لئے مختلف تجاویز پیش کیں۔ ذرائع کے مطابق حکام نے شفافیت یقینی بنانے کے لئے نگرانی کا نیا نظام متعارف کرا
42
CDA
تفصیل
اسلام آباد (نمائندہ خصوصی) وفاقی حکومت نے ملک بھر میں جاری ترقیاتی منصوبوں کی تکمیل کے لئے اضافی فنڈز کی منظوری دے دی ہے جبکہ متعلقہ اداروں کو ہدایت کی گئی ہے کہ وہ مقررہ مدت میں کام مکمل کریں۔ اجلاس میں صوبائی نمائندوں نے بھی شرکت کی اور عوامی مسائل کے حل کے لئے مختلف تجاویز پ
43
فواد چوہدری
تفصیل
اسلام آباد (نمائندہ خصوصی) وفاقی حکومت نے ملک بھر میں جاری ترقیاتی منصوبوں کی تکمیل کے لئے اضافی فنڈز کی منظوری دے دی ہے جبکہ متعلقہ اداروں کو ہدایت کی گئی ہے کہ وہ مقررہ مدت میں کام مکمل کریں۔ اجلاس میں صوبائی نمائندوں نے بھی شرکت کی اور عوامی مسائل کے حل کے لئے مختلف تجاویز پیش کیں۔ ذرائع کے مطابق حکام نے شفافیت یقینی بنانے کے لئے نگرانی کا نیا نظام متعارف کرانے کا فیصلہ کیا ہے۔ ترجمان کا کہنا تھا کہ عوام کی فلاح و بہبود حکومت کی اولین ترجیح ہے اور اس سلسلے میں کوئی کوتاہی برداشت نہیں کی جائے گی۔ اسلام آباد (نمائندہ خصوص
44
تنخواہ
تفصیل
اسلام آباد (نمائندہ خصوصی) وفاقی حکومت نے ملک بھر میں جاری ترقیاتی منصوبوں کی تکمیل کے لئے اضافی فنڈز کی منظوری دے دی ہ
45
بجلی
تفصیل
اسلام آباد (نمائندہ خصوصی) وفاقی حکومت نے ملک بھر میں جاری ترقیاتی منصوبوں کی تکمیل کے لئے اضافی فنڈز کی منظوری دے دی ہے جبکہ متعلقہ اداروں کو ہدایت کی گئی ہے کہ وہ مقررہ مدت میں کام مکمل کریں۔ اجلاس میں صوبائی نمائندوں نے بھی شرکت کی او
46
گرفتار
تفصیل
اسلام آباد (نمائندہ خصوصی) وفاقی حکومت نے ملک بھر میں جاری ترقیاتی منصوبوں کی تکمیل کے لئے اضافی فنڈز کی منظوری دے دی ہے جبکہ متعلقہ اداروں کو ہدایت کی گئی ہے کہ وہ مقررہ مدت میں کام مکمل کریں۔ اجلاس میں صوبائی نمائندوں نے بھی شرکت کی اور عوامی مسائل کے حل کے لئے مختلف تجاویز پیش کیں۔ ذرائع کے مطابق حکام نے شفافیت یق
47
شجر کاری
تفصیل
اسلام آباد (نمائندہ خصوصی) وفاقی حکومت نے ملک بھر میں جاری ترقیاتی منصوبوں کی تکمیل کے لئے اضافی فنڈز کی منظوری دے دی ہے جبکہ متعلقہ اداروں کو ہدایت کی گئی ہے کہ وہ مقررہ مدت میں کام مکمل کریں۔ اجلاس میں صوبائی نمائندوں نے بھی شرکت کی اور عوامی مسائل کے حل کے لئے مختلف تجاویز پ
48
نجکاری
تفصیل
اسلام آباد (نمائندہ خصوصی) وفاقی حکومت نے ملک بھر میں جاری ترقیاتی منصوبوں کی تکمیل کے لئے اضافی فنڈز کی منظوری دے دی ہے جبکہ متعلقہ اداروں کو ہدایت کی گئی ہے کہ وہ مقررہ مدت میں کام مکمل کریں۔ اجلاس میں صوبائی نمائندوں نے بھی شرکت کی اور عوامی مسائل کے حل کے لئے مختلف تجاویز پیش کیں۔ ذرائع کے مطابق حکام نے شفافیت یقینی بنانے کے لئے نگرانی کا نیا نظام متعارف کرانے کا فیصلہ کیا ہے۔ ترجمان کا کہنا تھا کہ عوام کی فلاح و بہبود حکومت کی اولین ترجیح ہے اور اس سلسلے میں کوئی کوتاہی برداشت نہیں کی جائے گی۔ اسلام آباد (نمائندہ خصوصی) وفاقی حکومت نے ملک بھر میں جاری ترقیاتی منصوبوں کی تکمیل کے لئے اضافی فنڈز کی منظوری دے دی ہے جبکہ متعلقہ اداروں کو ہدایت کی گئی ہے کہ وہ مقررہ مدت میں کا
49
جانی کمی
تفصیل
اسلام آباد (نمائندہ خصوصی) وفاقی حکومت نے ملک بھر میں جاری ترقیاتی منصوبوں کی تک
50
لیگنگ ریپ
تفصیل
اسلام آباد (نمائندہ خصوصی) وفاقی حکومت نے ملک بھر میں جاری ترقیاتی منصوبوں کی تکمیل کے لئے اضافی فنڈز کی منظوری دے دی ہے جبکہ متعلقہ اداروں کو ہدایت کی گئی ہے کہ وہ مقررہ مدت میں کام مکمل کریں۔ اجلاس میں صوبائی نمائندوں نے بھی شرکت کی اور عوامی مسائل کے حل کے لئے مختلف تجاویز پیش کیں۔ ذرائع کے مطابق حکام نے شفافیت یقینی بنانے ک
51
وزیر صحت
تفصیل
اسلام آباد (نمائندہ خصوصی) وفاقی حکومت نے ملک بھر میں جاری ترقیاتی منصوبوں کی تکمیل کے لئے اضافی فنڈز کی منظوری دے دی ہے جبکہ متعلقہ اداروں کو ہدایت کی گئی ہے کہ وہ مقررہ مدت میں کام مکمل کریں۔ اجلاس میں صوبائی نمائندوں نے بھی شرکت کی اور عوامی مسائل کے حل کے لئے مختلف تجاویز پیش کیں۔ ذرائع کے مطابق حکام نے شفافیت یقینی بنانے کے لئے نگرانی کا نیا نظام متعارف کرانے کا فیصلہ کیا ہے۔ ترجمان کا کہنا تھا کہ عوام کی فلاح و بہبود حکومت کی اولین ترجیح ہے اور اس سلسلے میں کوئی کوتاہی برداشت نہیں کی جائے گی۔ اسلام آباد (نمائندہ خصوصی) وفاقی حکوم
52
لانچنگ
تفصیل
اسلام آباد (نمائندہ خصوصی) وفاقی حکومت نے ملک بھر میں جاری ترقیاتی منصوبوں کی تکمیل کے لئے اضافی فنڈز کی منظوری دے دی ہے جبکہ متعلقہ اداروں کو ہدایت کی گئی ہے کہ وہ مقررہ مدت میں کام مکمل کریں۔ اجلاس میں صوبائی نمائندوں نے بھی شرکت کی اور عوامی مسائل کے حل کے لئے مختلف تجاویز پیش کیں۔ ذرائع کے مطابق حکام نے شفافیت یقینی بنانے کے لئے نگرانی کا نیا نظام متعارف کرانے کا فیصلہ کیا ہے۔ ترجمان کا کہنا تھا کہ عوام کی فلاح و بہبود حکومت کی اولین ترجیح ہے اور اس سلسل
53
ملاقات
تفصیل
اسلام آباد (نمائندہ خصوصی) وفاقی حکومت نے ملک بھر میں جاری ترقیاتی منصوبوں کی تکمیل کے لئے اضافی فنڈز کی منظوری دے دی ہے جبکہ متعلقہ اداروں کو ہدایت کی گئی ہے کہ وہ مقررہ مدت میں کام مکمل کریں۔ اجلاس میں صوبائی نمائندوں نے بھی شرکت کی اور عوامی مسائل کے حل کے لئے مختلف تجاویز پیش کیں۔ ذرائع کے مطابق حکام نے شفافیت یقینی بنانے کے لئے نگرانی کا نیا نظام متعارف کرانے کا فیصلہ کیا ہے۔ ترجمان کا کہنا تھا کہ عوام کی فلاح و بہبود حکومت کی اولین ترجیح ہے اور اس سلسلے میں کوئی کوتاہی برداشت نہیں کی جائے گی۔ اسلام آباد (نمائندہ خصوصی) وفاقی حکومت نے ملک بھر میں جاری ترقیاتی منصوبوں کی تکمیل کے لئے اضافی فنڈز کی منظوری دے دی ہ
54
جال عنگ
تفصیل
اسلام آباد (نمائندہ خصوصی) وفاقی حکومت نے ملک بھر میں جاری ترقیاتی منصوبوں کی تکمیل کے لئے اضافی فنڈز کی منظوری دے دی ہے جبکہ متعلقہ اداروں کو ہدایت کی گئی ہے کہ وہ مقررہ مدت میں کام مکمل کریں۔ اجلاس میں صوبائی نمائندوں نے بھی شرکت کی اور عوامی مسائل کے حل کے لئے مختلف تجاویز پیش کیں۔
55
شیڈول
تفصیل
اسلام آباد (نمائندہ خصوصی) وفاقی حکومت نے ملک بھر میں جاری ترقیاتی منصوبوں کی تکمیل کے لئے اضافی فنڈز کی منظوری دے دی ہے جبکہ متعلقہ اداروں کو ہدایت کی گئی ہے کہ وہ مقررہ مدت میں کام مکمل کریں۔ اجلاس میں صوبائی نمائندوں نے بھی شرکت کی اور عوامی
56
گورنر
تفصیل
اسلام آباد (نمائندہ خصوصی) وفاقی حکومت نے ملک بھر میں جاری ترقیاتی منصوبوں کی تکمیل کے لئے اضافی فنڈز کی منظوری دے دی ہے جبکہ متعلقہ اداروں کو ہدایت کی گئی ہے کہ وہ مقررہ مدت میں کام مکمل کریں۔ اجلاس میں صوبائی نمائندوں نے بھی شرکت کی اور عوامی
57
دورہ
تفصیل
اسلام آباد (نمائندہ خصوصی) وفاقی حکومت نے ملک بھر میں جاری ترقیاتی منصوبوں کی تکمیل کے لئے اضافی فنڈز کی منظوری دے دی ہے جبکہ متعلقہ اداروں کو ہدایت کی گئی ہے کہ وہ مقررہ مدت میں کام مکمل کریں۔ اجلاس میں صوبائی نمائندوں نے بھی شرکت کی اور عوامی مسائل کے حل کے لئے مختلف تجاویز پیش کیں۔ ذرائع کے مطابق حکام نے شفافیت یقینی بنانے کے لئے نگرانی کا نیا نظام متعارف کرانے کا فیصلہ کیا ہے۔ ترجمان کا کہنا تھا کہ عوام کی فلاح و بہبود حکومت کی اولین ترجیح ہے اور اس سلسلے میں کوئی کوتاہی برداشت نہیں کی جائے گ
58
مال
تفصیل
اسلام آباد (نمائندہ خصوصی) وفاقی حکومت نے ملک بھر میں جاری ترقیاتی منصوبوں کی تکمیل کے لئے اضافی فنڈز کی منظوری دے دی ہے جبکہ متعلقہ اداروں کو ہدایت کی گئی ہے کہ وہ مقررہ مدت میں کام مکمل کریں۔ اجلاس میں صوبائی نمائندوں نے بھی شرکت کی اور عوامی
59
کارگوز
تفصیل
اسلام آباد (نمائندہ خصوصی) وفاقی حکومت نے ملک بھر میں جاری ترقیاتی منصوبوں کی تکمیل کے لئے اضافی فنڈز کی منظوری دے دی ہے جبکہ متعلقہ اداروں کو ہدایت کی گئی ہے کہ وہ مقررہ مدت میں کام مکمل کریں۔ اجلاس میں صوبائی نمائندوں نے بھی شرکت کی اور عوامی مسائل کے حل کے لئے مختلف تجاویز پیش کیں۔ ذرائع کے مطابق حکام نے شفافیت یقینی بنانے کے لئے نگرانی کا نیا نظام متعارف کرانے کا فیصلہ کیا ہے۔ ترجمان کا کہنا تھا کہ عوام کی فلاح و بہبود حکومت کی اولین ترجیح ہے اور اس سلسل
60
بری
تفصیل
اسلام آباد (نمائندہ خصوصی) وفاقی حکومت نے ملک بھر میں جاری ترقیاتی منصوبوں کی تکمیل کے لئے اضافی فنڈز کی منظوری دے دی ہے جبکہ متعلقہ اداروں کو ہدایت کی گئی ہے کہ وہ م
اسلام آباد (نمائندہ خصوصی) وفاقی حکومت نے ملک بھر میں جاری ترقیاتی منصوبوں کی تکمیل کے لئے اضافی فنڈز کی منظوری دے دی ہے جبکہ متعلقہ اداروں کو ہدایت کی گئی ہے کہ وہ مقررہ مدت میں کام مکمل کریں۔ اجلاس میں صوبائی نمائندوں نے بھی شرکت کی اور عوامی مسائ
61
اسقیر
تفصیل
اسلام آباد (نمائندہ خصوصی) وفاقی حکومت نے ملک بھر میں جاری ترقیاتی منصوبوں کی تکمیل کے لئے اضافی فنڈز کی منظوری دے دی ہے جبکہ متعلقہ اداروں کو ہدایت کی گئی ہے کہ وہ مقر
62
عرس
تفصیل
اسلام آباد (نمائندہ خصوصی) وفاقی حکومت نے ملک بھر میں جاری ترقیاتی منصوبوں کی تکمیل کے لئے اضافی فنڈز کی منظوری دے دی ہے جبکہ
63
فیصلہ
تفصیل
اسلام آباد (نمائندہ خصوصی) وفاقی حکومت نے ملک بھر میں جاری ترقیاتی منصوبوں کی تکمیل کے لئے اضافی فنڈز کی منظوری دے دی ہے جبکہ متعلقہ اداروں کو ہدایت کی گئی ہے کہ وہ مقررہ مدت میں کام مکمل کریں۔ اجلاس میں صوبائی نمائندوں نے بھی شرکت کی اور عوامی مسائل کے حل کے لئے مختلف تجاویز پیش کیں۔ ذرائع کے مطابق حکام نے شفافیت یقینی بنانے کے لئے نگرانی کا نیا نظام متعارف کرانے کا فیصلہ کیا ہے۔ ترجمان کا کہنا تھا کہ عوام کی فلاح و بہبود
64
اعلان
تفصیل
اسلام آباد (نمائندہ خصوصی) وفاقی حکومت نے ملک بھر میں جاری ترقیاتی منصوبوں کی تکمیل کے لئے اضافی فنڈز کی منظوری دے دی ہے جبکہ متعلقہ اداروں کو ہدایت کی گئی ہے کہ وہ مقررہ مدت میں کام مکمل کریں۔ اجلاس میں صوبائی نمائندوں نے بھی شرکت کی اور عوامی مسائل کے حل کے لئے مختلف تجاویز پیش کیں۔ ذرائع کے مطابق حکام نے شفافیت یقینی بنانے کے لئے نگرانی کا نیا نظام متعارف کرانے کا فیصلہ کیا ہے۔ ترجمان کا کہنا تھا کہ عوام کی فلاح و بہبود حکومت کی اولین ترجیح ہے اور اس سلسلے میں کوئی کوتاہی برداشت نہیں کی جائے گی۔ اسلام آباد (نمائندہ خصوصی) وفاقی حکومت نے ملک بھر میں جاری ترقیاتی منصوبوں کی تکمیل کے لئے
65
کتابیں
تفصیل
اسلام آباد (نمائندہ خصوصی) وفاقی حکومت نے ملک بھر میں جاری ترقیاتی منصوبوں کی تکمیل کے لئے اضافی فنڈز کی منظوری دے دی ہے جبکہ متعلقہ اداروں کو ہدایت کی گئی ہے کہ وہ مقررہ مدت میں کام مکمل کریں۔ اجلاس میں صوبائی نمائندوں نے بھی شرکت کی اور عوامی مسائل کے حل کے لئے مختلف تجاویز پیش کیں۔ ذرائع
66
رانا مقصود
تفصیل
اسلام آباد (نمائندہ خصوصی) وفاقی حکومت نے ملک بھر میں جاری ترقیاتی منصوبوں کی تکمیل کے لئے اضافی فنڈز کی منظوری دے دی ہے جبکہ متعلقہ اداروں کو ہدایت کی گئی ہے کہ وہ مقر
67
جال عنگ
تفصیل
اسلام آباد (نمائندہ خصوصی) وفاقی حکومت نے ملک بھر میں جاری ترقیاتی منصوبوں کی تکمیل کے لئے اضافی فنڈز کی منظوری دے دی ہے جبکہ
68
ادارے
تفصیل
اسلام آباد (نمائندہ خصوصی) وفاقی حکومت نے ملک بھر میں جاری ترقیاتی منصوبوں کی تکمیل کے لئے اضافی فنڈز کی منظوری دے دی ہے جبکہ متعلقہ اداروں کو ہدایت کی گئی ہے کہ وہ مقررہ مدت میں کام مکمل کریں۔ اجلاس میں صوبا
69
لیپ ٹاپ
تفصیل
اسلام آباد (نمائندہ خصوصی) وفاقی حکومت نے ملک بھر میں جاری ترقیاتی منصوبوں کی تکمیل کے لئے اضافی فنڈز کی منظوری دے دی ہے جبکہ متعلقہ اداروں کو ہدایت کی گئی ہے کہ وہ مقررہ مدت میں کام مکمل کریں۔ اجلاس میں صوبائی نمائندوں نے بھی شرکت کی اور عوامی مسائل کے حل کے لئے مختلف تجاویز پیش کیں۔ ذرائع کے مطابق حکام نے شفافیت یقینی بنانے کے لئے نگرانی کا نیا نظام متعارف کرانے کا فیصلہ کیا ہے۔ ترجمان کا کہنا تھا کہ عوام کی فلاح و بہبود حکومت کی اولین ترجیح ہے اور اس سلسلے میں
70
رپورٹ
تفصیل
اسلام آباد (نمائندہ خصوصی) وفاقی حکومت نے ملک بھر میں جاری ترقیاتی منصوبوں کی تکمیل کے لئے اضافی فنڈز کی منظوری دے دی ہے جبکہ متعلقہ اداروں کو ہدایت کی گئی ہے کہ وہ مقررہ مدت میں کام مکمل کریں۔ اجلاس میں صوبائی نمائندوں نے بھی شرکت کی اور عوامی مسائل کے حل کے لئے مختلف تجاویز پیش کیں۔ ذرائع کے مطابق حکام نے شفافیت یقینی بنانے کے لئے نگرانی کا نیا نظام متعارف کرانے کا فیصلہ کیا ہے۔ ترجمان کا کہنا تھا کہ عوام کی فلاح و بہبود حکومت کی اولین ترجیح ہے اور اس سلسلے میں
71
کرپشن
تفصیل
اسلام آباد (نمائندہ خصوصی) وفاقی حکومت نے ملک بھر میں جاری ترقیاتی منصوبوں کی تکمیل کے لئے اضافی فنڈز کی منظوری دے دی ہے جبکہ متعلقہ اداروں کو ہدایت کی گئی ہے کہ وہ مقررہ مدت میں کام مکمل کریں۔ اجلاس میں صوبائی نمائندوں نے بھی شرکت کی اور عوامی مسائل کے حل کے لئے مختلف تجاویز پیش کیں۔ ذرائع کے مطابق حکام نے شفافیت یقینی بنانے کے لئے نگرانی کا نیا نظام متعارف کرانے کا فیصلہ کیا ہے۔ ترجمان کا کہنا تھا کہ عوام کی فلاح و بہبود حکومت کی اولین ترجیح ہے اور اس سلسلے میں کوئی کوتاہی برداشت نہیں کی جائے گی۔ اسلام آباد (نمائندہ خصوصی) وفاقی حکومت نے ملک بھر میں جاری ترقیاتی منصوبوں کی تکمیل کے لئے اضافی فنڈز کی منظوری دے دی ہے جبکہ متعلقہ
72
حافظ نعیم
تفصیل
اسلام آباد (نمائندہ خصوصی) وفاقی حکومت نے ملک بھر میں جاری ترقیاتی منصوبوں کی تکمیل کے لئے اضافی فنڈز کی منظوری دے دی ہے جبکہ متعلقہ اداروں کو ہدایت کی گئی ہے کہ وہ مقررہ مدت میں کام مکمل کریں۔ اجلاس میں صوبا
